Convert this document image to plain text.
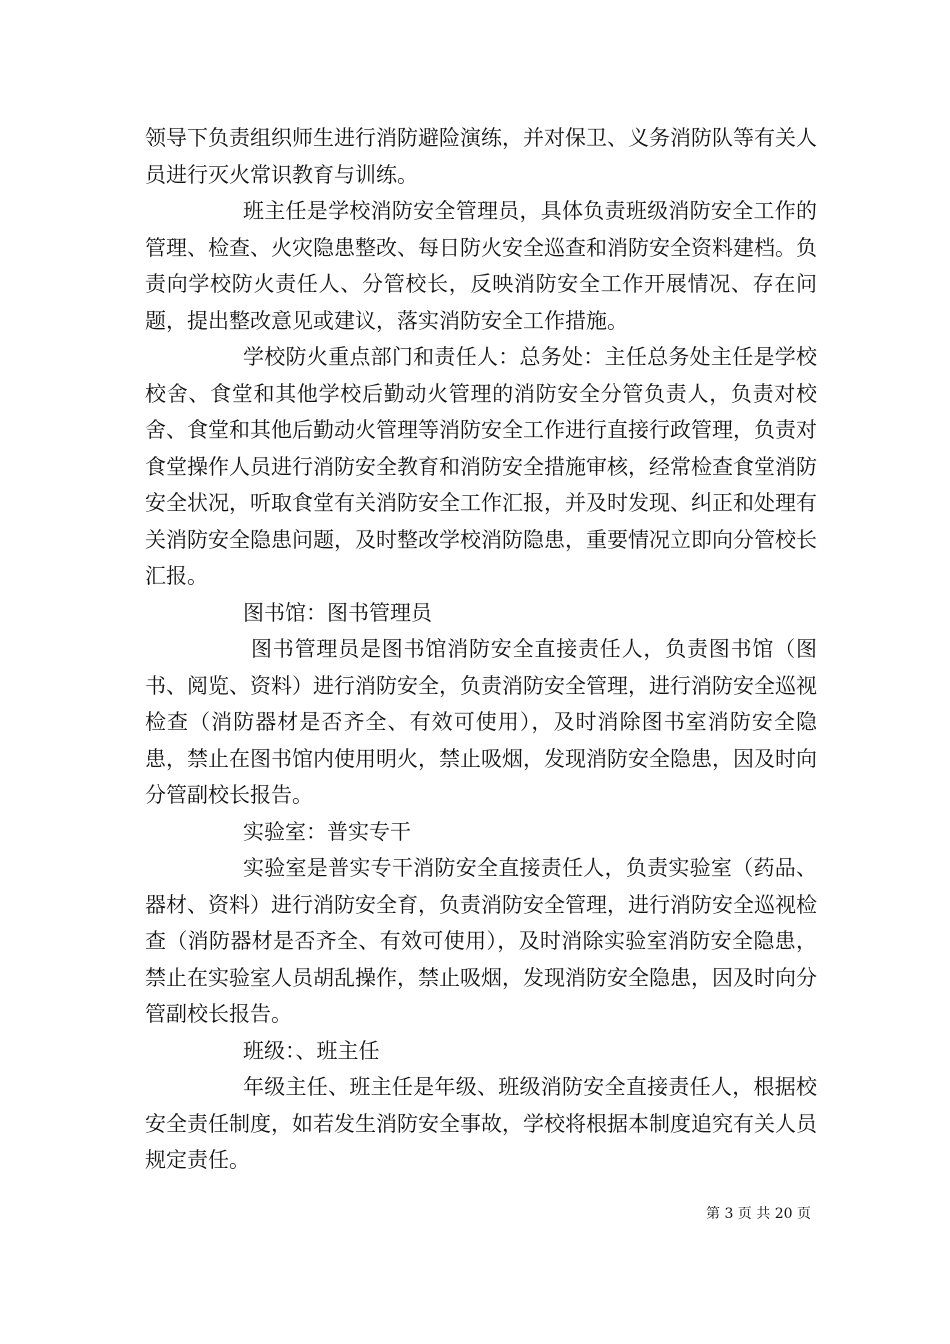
领导下负责组织师生进行消防避险演练，并对保卫、义务消防队等有关人员进行灭火常识教育与训练。

班主任是学校消防安全管理员，具体负责班级消防安全工作的管理、检查、火灾隐患整改、每日防火安全巡查和消防安全资料建档。负责向学校防火责任人、分管校长，反映消防安全工作开展情况、存在问题，提出整改意见或建议，落实消防安全工作措施。

学校防火重点部门和责任人：总务处：主任总务处主任是学校校舍、食堂和其他学校后勤动火管理的消防安全分管负责人，负责对校舍、食堂和其他后勤动火管理等消防安全工作进行直接行政管理，负责对食堂操作人员进行消防安全教育和消防安全措施审核，经常检查食堂消防安全状况，听取食堂有关消防安全工作汇报，并及时发现、纠正和处理有关消防安全隐患问题，及时整改学校消防隐患，重要情况立即向分管校长汇报。

图书馆：图书管理员

图书管理员是图书馆消防安全直接责任人，负责图书馆（图书、阅览、资料）进行消防安全，负责消防安全管理，进行消防安全巡视检查（消防器材是否齐全、有效可使用），及时消除图书室消防安全隐患，禁止在图书馆内使用明火，禁止吸烟，发现消防安全隐患，因及时向分管副校长报告。

实验室：普实专干

实验室是普实专干消防安全直接责任人，负责实验室（药品、器材、资料）进行消防安全育，负责消防安全管理，进行消防安全巡视检查（消防器材是否齐全、有效可使用），及时消除实验室消防安全隐患，禁止在实验室人员胡乱操作，禁止吸烟，发现消防安全隐患，因及时向分管副校长报告。

班级：、班主任

年级主任、班主任是年级、班级消防安全直接责任人，根据校安全责任制度，如若发生消防安全事故，学校将根据本制度追究有关人员规定责任。

第 3 页 共 20 页
